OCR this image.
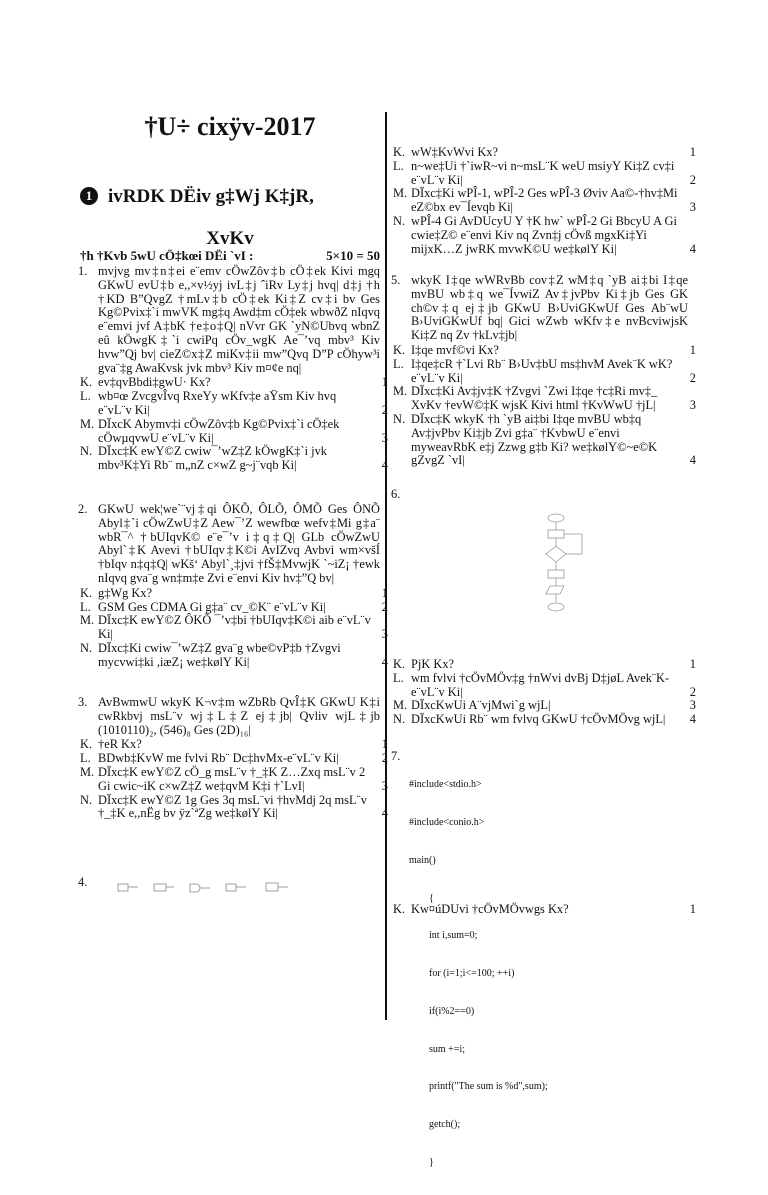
†U÷ cixÿv-2017
1 ivRDK DËiv g‡Wj K‡jR,
XvKv
†h †Kvb 5wU cÖ‡kœi DËi `vI :	5×10 = 50
1. mvjvg mv‡n‡ei e¨emv cÖwZôv‡b cÖ‡ek Kivi mgq GKwU evU‡b e,,×v½yj ivL‡j ˆiRv Ly‡j hvq| d‡j †h †KD B”QvgZ †mLv‡b cÖ‡ek Ki‡Z cv‡i bv Ges Kg©Pvix‡`i mwVK mg‡q Awd‡m cÖ‡ek wbwðZ nIqvq e¨emvi jvf A‡bK †e‡o‡Q| nVvr GK `yN©Ubvq wbnZ eû kÖwgK‡`i cwiPq cÖv_wgK Ae¯’vq mbv³ Kiv hvw”Qj bv| cieZ©x‡Z miKv‡ii mw”Qvq D”P cÖhyw³i gva¨‡g AwaKvsk jvk mbv³ Kiv m¤¢e nq|
K. ev‡qvBbdi‡gwU· Kx?	1
L. wb¤œ ZvcgvÎvq RxeYy wKfv‡e aŸsm Kiv hvq e¨vL¨v Ki|	2
M. DÏxcK Abymv‡i cÖwZôv‡b Kg©Pvix‡`i cÖ‡ek cÖwµqvwU e¨vL¨v Ki|	3
N. DÏxc‡K ewY©Z cwiw¯’wZ‡Z kÖwgK‡`i jvk mbv³K‡Yi Rb¨ m„nZ c×wZ g~j¨vqb Ki|	4
2. GKwU wek¦we`¨vj‡qi ÔKÕ, ÔLÕ, ÔMÕ Ges ÔNÕ Abyl‡`i cÖwZwU‡Z Aew¯’Z wewfbœ wefv‡Mi g‡a¨ wbR¯^ †bUIqvK© e¨e¯’v i‡q‡Q| GLb cÖwZwU Abyl`‡K Avevi †bUIqv‡K©i AvIZvq Avbvi wm×všÍ †bIqv n‡q‡Q| wKš‘ Abyl`¸‡jvi †fŠ‡MvwjK `~iZ¡ †ewk nIqvq gva¨g wn‡m‡e Zvi e¨envi Kiv hv‡”Q bv|
K. g‡Wg Kx?	1
L. GSM Ges CDMA Gi g‡a¨ cv_©K¨ e¨vL¨v Ki|	2
M. DÏxc‡K ewY©Z ÔKÕ ¯’v‡bi †bUIqv‡K©i aib e¨vL¨v Ki|	3
N. DÏxc‡Ki cwiw¯’wZ‡Z gva¨g wbe©vP‡b †Zvgvi mycvwi‡ki ,iæZ¡ we‡kølY Ki|	4
3. AvBwmwU wkyK K¬v‡m wZbRb QvÎ‡K GKwU K‡i cwRkbvj msL¨v wj‡L‡Z ej‡jb| Qvliv wjL‡jb (1010110)₂, (546)₈ Ges (2D)₁₆|
K. †eR Kx?	1
L. BDwb‡KvW me fvlvi Rb¨ Dc‡hvMx-e¨vL¨v Ki|	2
M. DÏxc‡K ewY©Z cÖ_g msL¨v †_‡K Z…Zxq msL¨v 2 Gi cwic~iK c×wZ‡Z we‡qvM K‡i †`LvI|	3
N. DÏxc‡K ewY©Z 1g Ges 3q msL¨vi †hvMdj 2q msL¨v †_‡K e,,nËg bv ÿz`ªZg we‡kølY Ki|	4
4.
K. wW‡KvWvi Kx?	1
L. n~we‡Ui †`iwR~vi n~msL¨K weU msiyY Ki‡Z cv‡i e¨vL¨v Ki|	2
M. DÏxc‡Ki wPÎ-1, wPÎ-2 Ges wPÎ-3 Øviv Aa©-†hv‡Mi eZ©bx ev¯Íevqb Ki|	3
N. wPÎ-4 Gi AvDUcyU Y †K hw` wPÎ-2 Gi BbcyU A Gi cwie‡Z© e¨envi Kiv nq Zvn‡j cÖvß mgxKi‡Yi mijxK…Z jwRK mvwK©U we‡kølY Ki|	4
5. wkyK I‡qe wWRvBb cov‡Z wM‡q `yB ai‡bi I‡qe mvBU wb‡q we¯ÍvwiZ Av‡jvPbv Ki‡jb Ges GK ch©v‡q ej‡jb GKwU B›UviGKwUf Ges Ab¨wU B›UviGKwUf bq| Gici wZwb wKfv‡e nvBcviwjsK Ki‡Z nq Zv †kLv‡jb|
K. I‡qe mvf©vi Kx?	1
L. I‡qe‡cR †`Lvi Rb¨ B›Uv‡bU ms‡hvM Avek¨K wK? e¨vL¨v Ki|	2
M. DÏxc‡Ki Av‡jv‡K †Zvgvi `Zwi I‡qe †c‡Ri mv‡_ XvKv †evW©‡K wjsK Kivi html †KvWwU †jL|	3
N. DÏxc‡K wkyK †h `yB ai‡bi I‡qe mvBU wb‡q Av‡jvPbv Ki‡jb Zvi g‡a¨ †KvbwU e¨envi myweavRbK e‡j Zzwg g‡b Ki? we‡kølY©~e©K gZvgZ `vI|	4
6.
K. PjK Kx?	1
L. wm fvlvi †cÖvMÖv‡g †nWvi dvBj D‡jøL Avek¨K-e¨vL¨v Ki|	2
M. DÏxcKwUi A¨vjMwi`g wjL|	3
N. DÏxcKwUi Rb¨ wm fvlvq GKwU †cÖvMÖvg wjL|	4
7.

#include<stdio.h>

#include<conio.h>

main()

{

int i,sum=0;

for (i=1;i<=100; ++i)

if(i%2==0)

sum +=i;

printf("The sum is %d",sum);

getch();

}

K. Kw¤úDUvi †cÖvMÖvwgs Kx?	1
